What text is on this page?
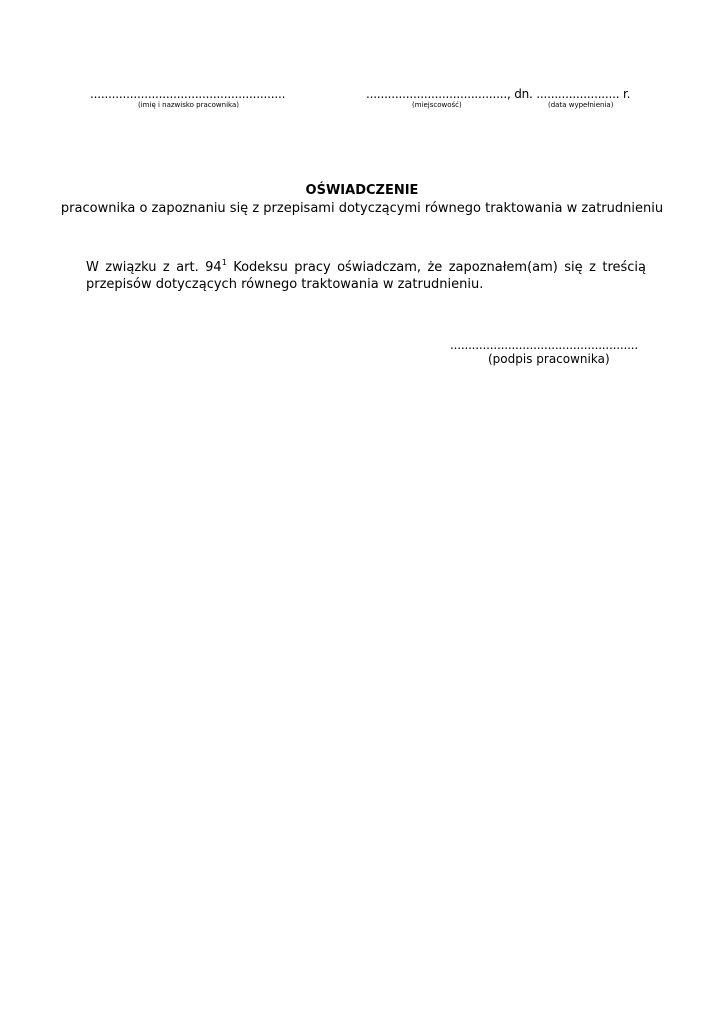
......................................................
(imię i nazwisko pracownika)
......................................., dn. ....................... r.
(miejscowość)	(data wypełnienia)
OŚWIADCZENIE
pracownika o zapoznaniu się z przepisami dotyczącymi równego traktowania w zatrudnieniu
W związku z art. $94^1$ Kodeksu pracy oświadczam, że zapoznałem(am) się z treścią przepisów dotyczących równego traktowania w zatrudnieniu.
....................................................
(podpis pracownika)
